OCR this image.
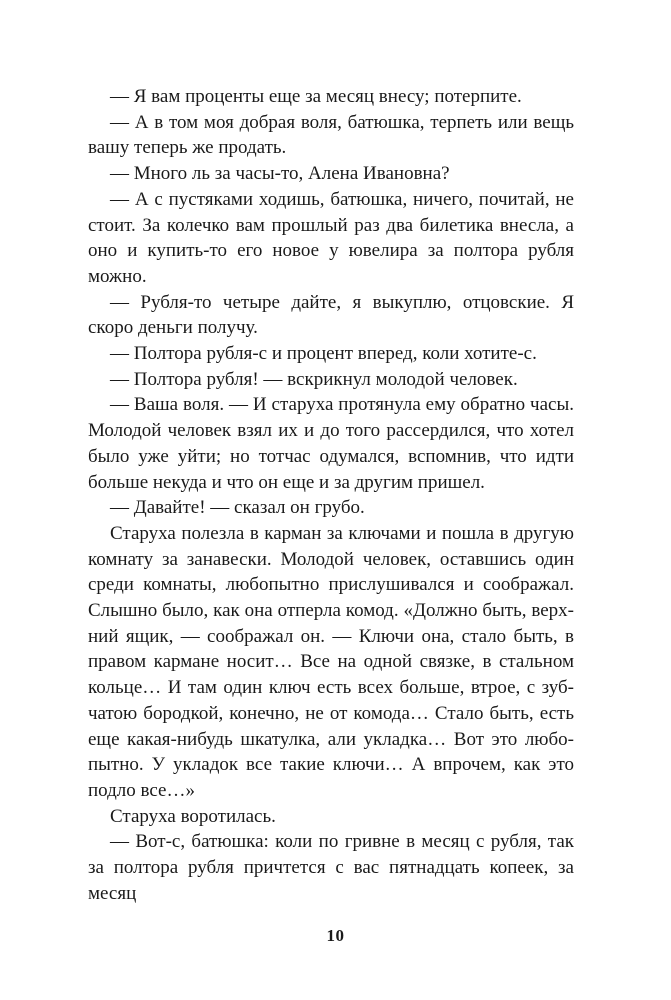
— Я вам проценты еще за месяц внесу; потерпите.

— А в том моя добрая воля, батюшка, терпеть или вещь вашу теперь же продать.

— Много ль за часы-то, Алена Ивановна?

— А с пустяками ходишь, батюшка, ничего, почитай, не стоит. За колечко вам прошлый раз два билетика внесла, а оно и купить-то его новое у ювелира за полтора рубля можно.

— Рубля-то четыре дайте, я выкуплю, отцовские. Я скоро деньги получу.

— Полтора рубля-с и процент вперед, коли хотите-с.

— Полтора рубля! — вскрикнул молодой человек.

— Ваша воля. — И старуха протянула ему обратно часы. Молодой человек взял их и до того рассердился, что хотел было уже уйти; но тотчас одумался, вспомнив, что идти больше некуда и что он еще и за другим пришел.

— Давайте! — сказал он грубо.

Старуха полезла в карман за ключами и пошла в другую комнату за занавески. Молодой человек, оставшись один среди комнаты, любопытно прислушивался и соображал. Слышно было, как она отперла комод. «Должно быть, верхний ящик, — соображал он. — Ключи она, стало быть, в правом кармане носит… Все на одной связке, в стальном кольце… И там один ключ есть всех больше, втрое, с зубчатою бородкой, конечно, не от комода… Стало быть, есть еще какая-нибудь шкатулка, али укладка… Вот это любопытно. У укладок все такие ключи… А впрочем, как это подло все…»

Старуха воротилась.

— Вот-с, батюшка: коли по гривне в месяц с рубля, так за полтора рубля причтется с вас пятнадцать копеек, за месяц

10
